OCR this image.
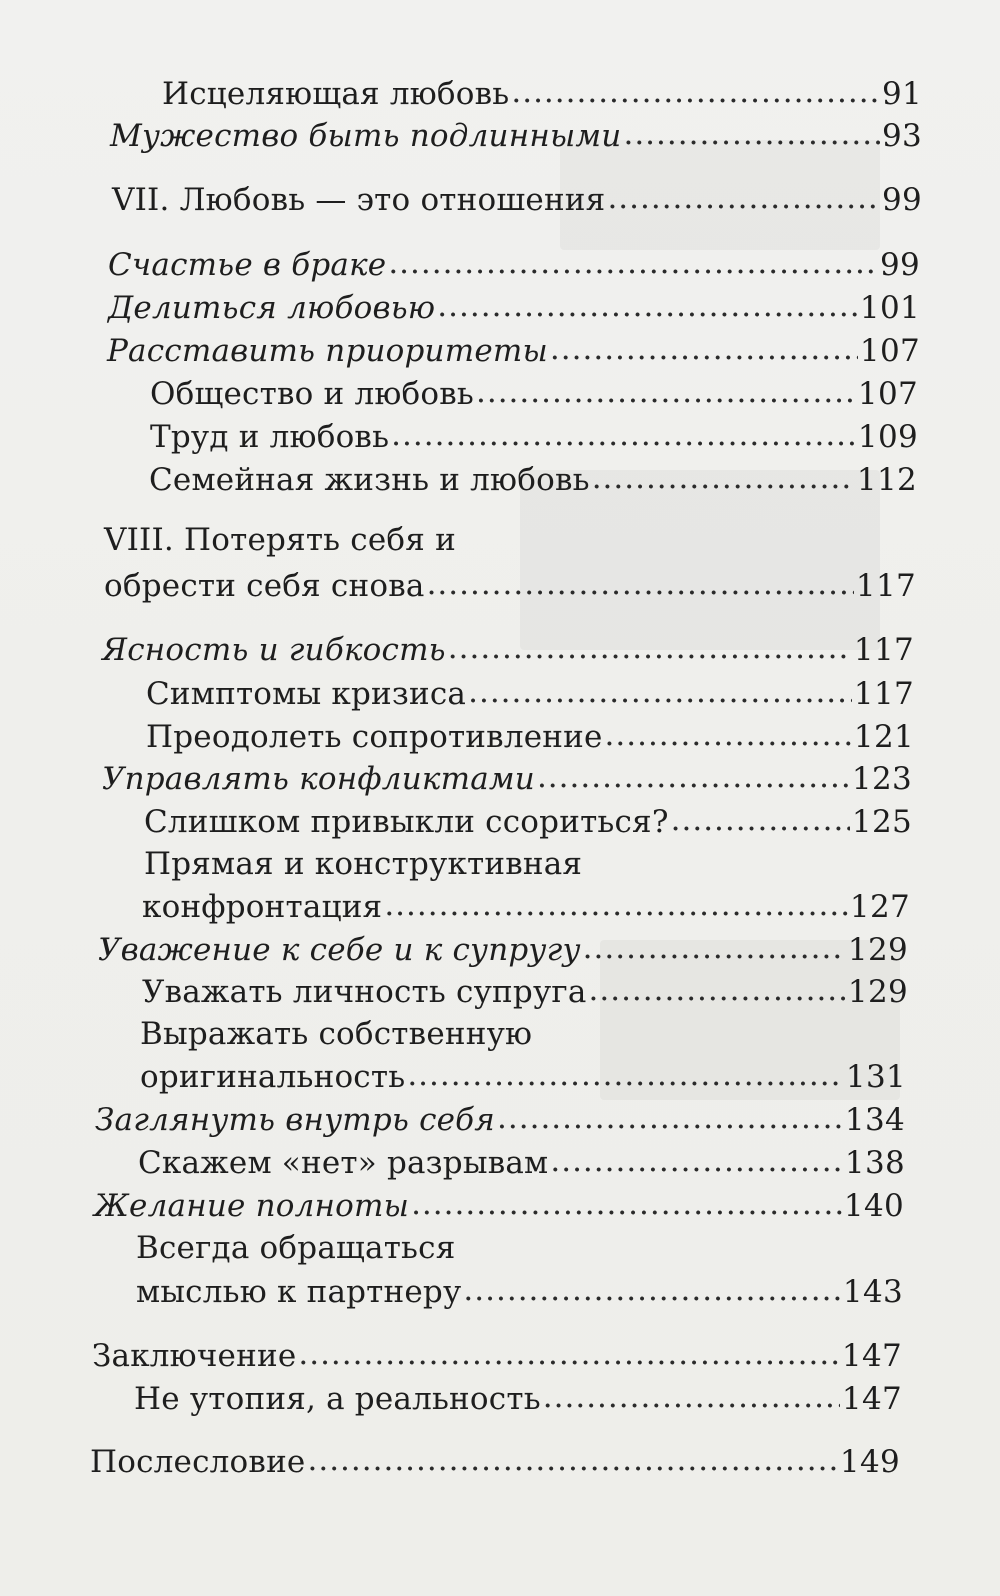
Исцеляющая любовь .....	91
Мужество быть подлинными .....	93
VII. Любовь — это отношения .....	99
Счастье в браке .....	99
Делиться любовью .....	101
Расставить приоритеты .....	107
Общество и любовь .....	107
Труд и любовь .....	109
Семейная жизнь и любовь .....	112
VIII. Потерять себя и
обрести себя снова .....	117
Ясность и гибкость .....	117
Симптомы кризиса .....	117
Преодолеть сопротивление .....	121
Управлять конфликтами .....	123
Слишком привыкли ссориться? .....	125
Прямая и конструктивная
конфронтация .....	127
Уважение к себе и к супругу .....	129
Уважать личность супруга .....	129
Выражать собственную
оригинальность .....	131
Заглянуть внутрь себя .....	134
Скажем «нет» разрывам .....	138
Желание полноты .....	140
Всегда обращаться
мыслью к партнеру .....	143
Заключение .....	147
Не утопия, а реальность .....	147
Послесловие .....	149
